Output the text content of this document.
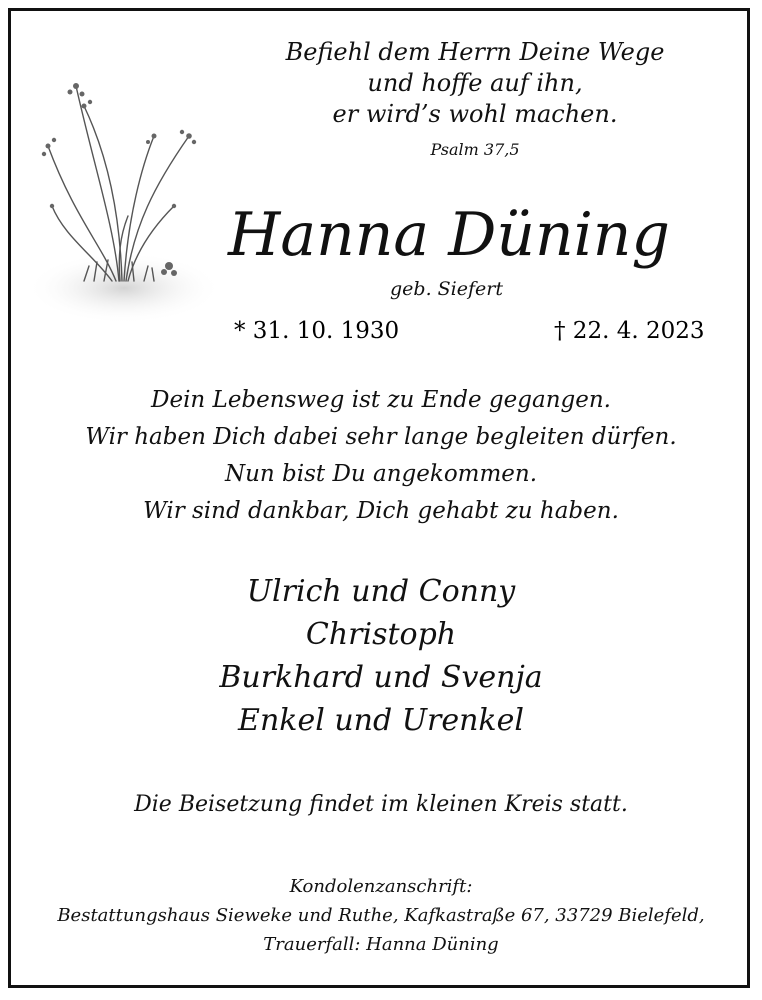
Befiehl dem Herrn Deine Wege
und hoffe auf ihn,
er wird’s wohl machen.
Psalm 37,5
Hanna Düning
geb. Siefert
* 31. 10. 1930	† 22. 4. 2023
Dein Lebensweg ist zu Ende gegangen.
Wir haben Dich dabei sehr lange begleiten dürfen.
Nun bist Du angekommen.
Wir sind dankbar, Dich gehabt zu haben.
Ulrich und Conny
Christoph
Burkhard und Svenja
Enkel und Urenkel
Die Beisetzung findet im kleinen Kreis statt.
Kondolenzanschrift:
Bestattungshaus Sieweke und Ruthe, Kafkastraße 67, 33729 Bielefeld,
Trauerfall: Hanna Düning
